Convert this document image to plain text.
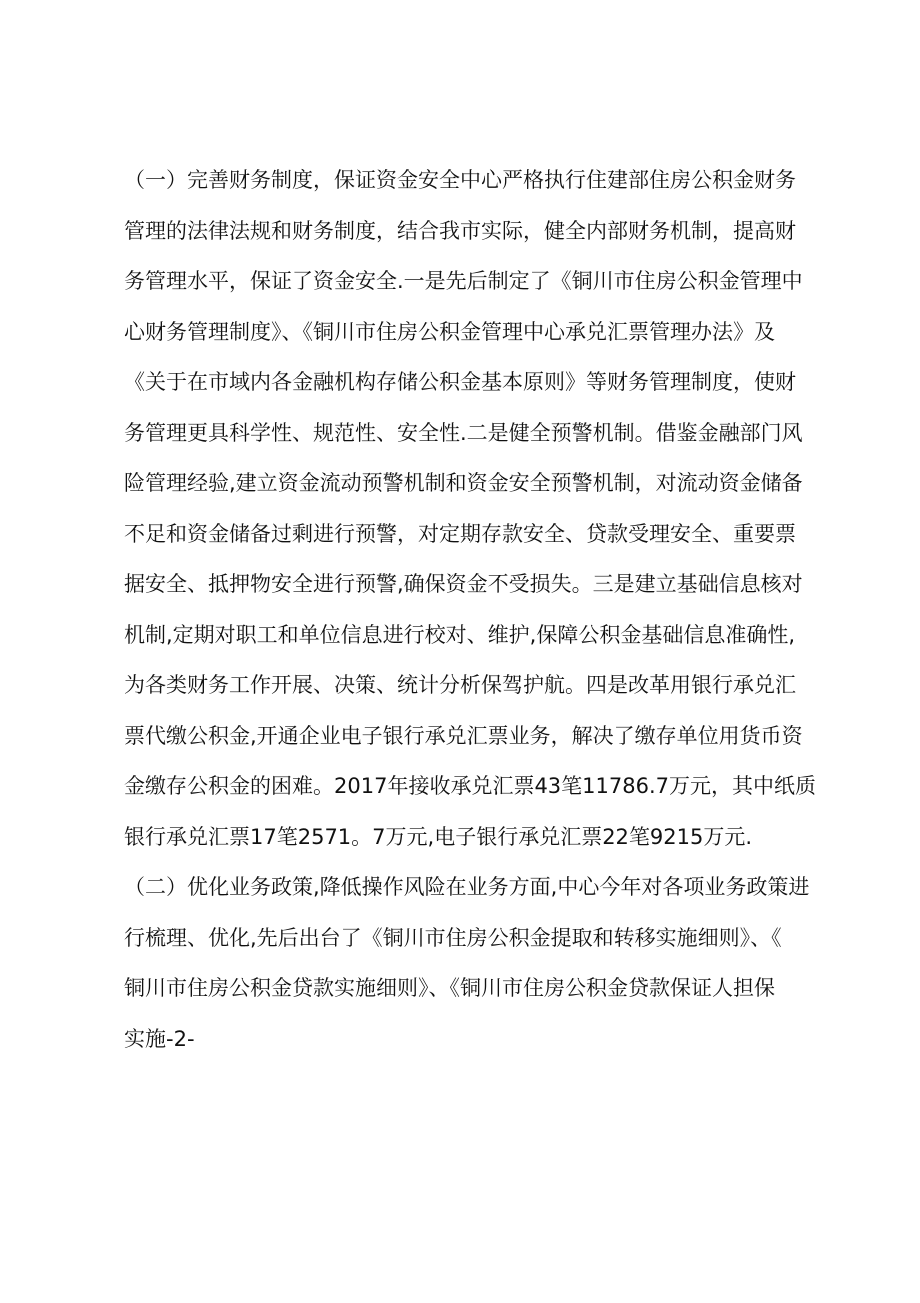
（一）完善财务制度，保证资金安全中心严格执行住建部住房公积金财务
管理的法律法规和财务制度，结合我市实际，健全内部财务机制，提高财
务管理水平，保证了资金安全.一是先后制定了《铜川市住房公积金管理中
心财务管理制度》、《铜川市住房公积金管理中心承兑汇票管理办法》及
《关于在市域内各金融机构存储公积金基本原则》等财务管理制度，使财
务管理更具科学性、规范性、安全性.二是健全预警机制。借鉴金融部门风
险管理经验,建立资金流动预警机制和资金安全预警机制，对流动资金储备
不足和资金储备过剩进行预警，对定期存款安全、贷款受理安全、重要票
据安全、抵押物安全进行预警,确保资金不受损失。三是建立基础信息核对
机制,定期对职工和单位信息进行校对、维护,保障公积金基础信息准确性,
为各类财务工作开展、决策、统计分析保驾护航。四是改革用银行承兑汇
票代缴公积金,开通企业电子银行承兑汇票业务，解决了缴存单位用货币资
金缴存公积金的困难。2017年接收承兑汇票43笔11786.7万元，其中纸质
银行承兑汇票17笔2571。7万元,电子银行承兑汇票22笔9215万元.
（二）优化业务政策,降低操作风险在业务方面,中心今年对各项业务政策进
行梳理、优化,先后出台了《铜川市住房公积金提取和转移实施细则》、《
铜川市住房公积金贷款实施细则》、《铜川市住房公积金贷款保证人担保
实施-2-
